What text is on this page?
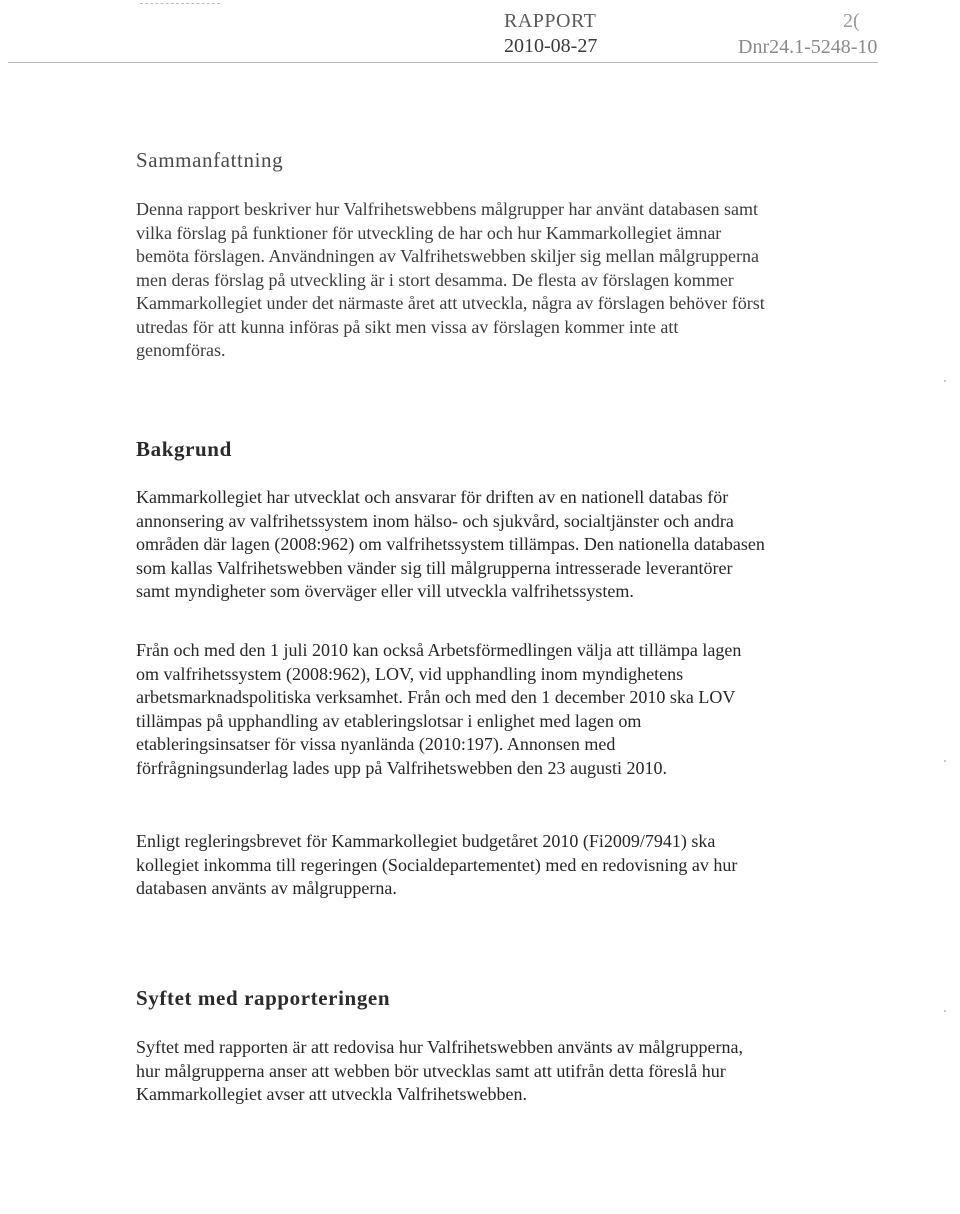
RAPPORT
2010-08-27
2(
Dnr24.1-5248-10
Sammanfattning

Denna rapport beskriver hur Valfrihetswebbens målgrupper har använt databasen samt vilka förslag på funktioner för utveckling de har och hur Kammarkollegiet ämnar bemöta förslagen. Användningen av Valfrihetswebben skiljer sig mellan målgrupperna men deras förslag på utveckling är i stort desamma. De flesta av förslagen kommer Kammarkollegiet under det närmaste året att utveckla, några av förslagen behöver först utredas för att kunna införas på sikt men vissa av förslagen kommer inte att genomföras.

Bakgrund

Kammarkollegiet har utvecklat och ansvarar för driften av en nationell databas för annonsering av valfrihetssystem inom hälso- och sjukvård, socialtjänster och andra områden där lagen (2008:962) om valfrihetssystem tillämpas. Den nationella databasen som kallas Valfrihetswebben vänder sig till målgrupperna intresserade leverantörer samt myndigheter som överväger eller vill utveckla valfrihetssystem.

Från och med den 1 juli 2010 kan också Arbetsförmedlingen välja att tillämpa lagen om valfrihetssystem (2008:962), LOV, vid upphandling inom myndighetens arbetsmarknadspolitiska verksamhet. Från och med den 1 december 2010 ska LOV tillämpas på upphandling av etableringslotsar i enlighet med lagen om etableringsinsatser för vissa nyanlända (2010:197). Annonsen med förfrågningsunderlag lades upp på Valfrihetswebben den 23 augusti 2010.

Enligt regleringsbrevet för Kammarkollegiet budgetåret 2010 (Fi2009/7941) ska kollegiet inkomma till regeringen (Socialdepartementet) med en redovisning av hur databasen använts av målgrupperna.

Syftet med rapporteringen

Syftet med rapporten är att redovisa hur Valfrihetswebben använts av målgrupperna, hur målgrupperna anser att webben bör utvecklas samt att utifrån detta föreslå hur Kammarkollegiet avser att utveckla Valfrihetswebben.
